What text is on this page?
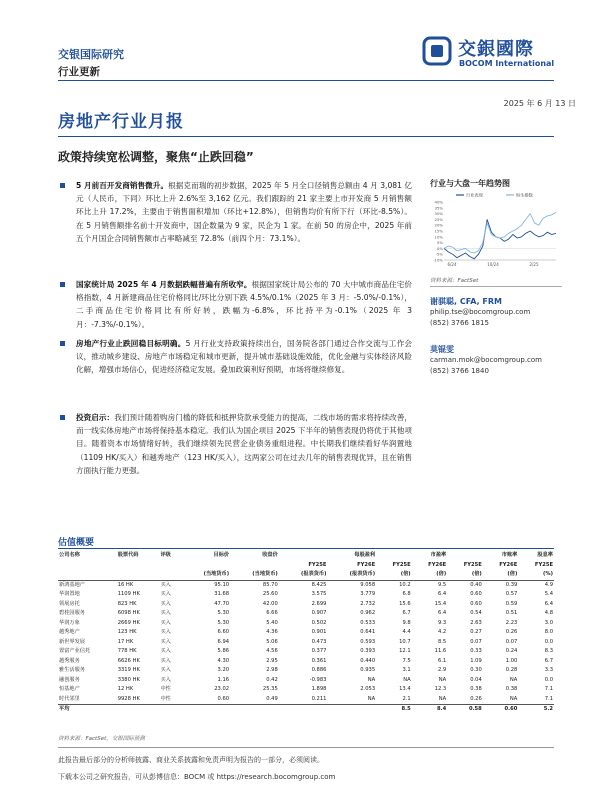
交银国际研究
行业更新
交銀國際
BOCOM International
2025 年 6 月 13 日
房地产行业月报
政策持续宽松调整，聚焦“止跌回稳”
5 月前百开发商销售微升。根据克而瑞的初步数据，2025 年 5 月全口径销售总额由 4 月 3,081 亿元（人民币，下同）环比上升 2.6%至 3,162 亿元。我们跟踪的 21 家主要上市开发商 5 月销售额环比上升 17.2%，主要由于销售面积增加（环比+12.8%），但销售均价有所下行（环比-8.5%）。在 5 月销售额排名前十开发商中，国企数量为 9 家，民企为 1 家。在前 50 的房企中，2025 年前五个月国企合同销售额市占率略减至 72.8%（前四个月：73.1%）。
国家统计局 2025 年 4 月数据跌幅普遍有所收窄。根据国家统计局公布的 70 大中城市商品住宅价格指数，4 月新建商品住宅价格同比/环比分别下跌 4.5%/0.1%（2025 年 3 月：-5.0%/-0.1%），二手商品住宅价格同比有所好转，跌幅为-6.8%，环比持平为-0.1%（2025 年 3 月：-7.3%/-0.1%）。
房地产行业止跌回稳目标明确。5 月行业支持政策持续出台，国务院各部门通过合作交流与工作会议，推动城乡建设、房地产市场稳定和城市更新，提升城市基础设施效能，优化金融与实体经济风险化解，增强市场信心，促进经济稳定发展。叠加政策利好预期，市场将继续修复。
投资启示：我们预计随着购房门槛的降低和抵押贷款承受能力的提高，二线市场的需求将持续改善，而一线实体房地产市场将保持基本稳定。我们认为国企项目 2025 下半年的销售表现仍将优于其他项目。随着资本市场情绪好转，我们继续领先民营企业债务重组进程。中长期我们继续看好华润置地（1109 HK/买入）和越秀地产（123 HK/买入），这两家公司在过去几年的销售表现优异，且在销售方面执行能力更强。
行业与大盘一年趋势图
40%
35%
30%
25%
20%
15%
10%
5%
0%
-5%
-10%
6/24	10/24	2/25
行业表现	恒生指数
资料来源：FactSet
谢骐聪, CFA, FRM
philip.tse@bocomgroup.com
(852) 3766 1815
莫锟雯
carman.mok@bocomgroup.com
(852) 3766 1840
估值概要
公司名称	股票代码	评级	目标价	收盘价		每股盈利		市盈率		市账率	股息率
					FY25E	FY26E	FY25E	FY26E	FY25E	FY26E	FY25E
			(当地货币)	(当地货币)	(报表货币)	(报表货币)	(倍)	(倍)	(倍)	(倍)	(%)
新鸿基地产	16 HK	买入	95.10	85.70	8.425	9.058	10.2	9.5	0.40	0.39	4.9
华润置地	1109 HK	买入	31.68	25.60	3.575	3.779	6.8	6.4	0.60	0.57	5.4
领展房托	823 HK	买入	47.70	42.00	2.699	2.732	15.6	15.4	0.60	0.59	6.4
碧桂园服务	6098 HK	买入	5.30	6.66	0.907	0.962	6.7	6.4	0.54	0.51	4.8
华润万象	2669 HK	买入	5.30	5.40	0.502	0.533	9.8	9.3	2.63	2.23	3.0
越秀地产	123 HK	买入	6.60	4.36	0.901	0.641	4.4	4.2	0.27	0.26	8.0
新世界发展	17 HK	买入	6.94	5.06	0.473	0.593	10.7	8.5	0.07	0.07	0.0
置富产业信托	778 HK	买入	5.86	4.56	0.377	0.393	12.1	11.6	0.33	0.24	8.3
越秀服务	6626 HK	买入	4.30	2.95	0.361	0.440	7.5	6.1	1.09	1.00	6.7
雅生活服务	3319 HK	买入	3.20	2.98	0.886	0.935	3.1	2.9	0.30	0.28	3.3
融创服务	3380 HK	买入	1.16	0.42	-0.983	NA	NA	NA	0.04	NA	0.0
恒基地产	12 HK	中性	23.02	25.35	1.898	2.053	13.4	12.3	0.38	0.38	7.1
时代邻里	9928 HK	中性	0.60	0.49	0.211	NA	2.1	NA	0.26	NA	7.1
平均							8.5	8.4	0.58	0.60	5.2
资料来源：FactSet，交银国际预测
此报告最后部分的分析师披露、商业关系披露和免责声明为报告的一部分，必须阅读。
下载本公司之研究报告，可从彭博信息：BOCM 或 https://research.bocomgroup.com
